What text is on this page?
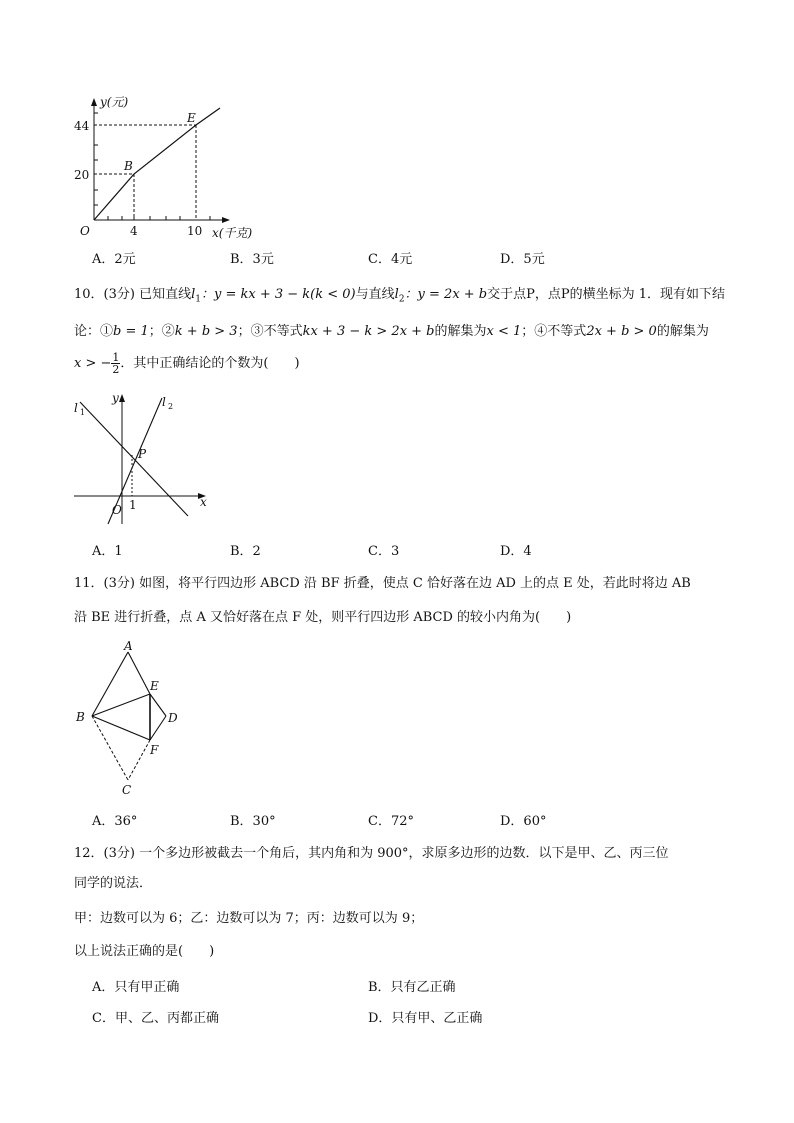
y(元)
x(千克)
O
44
20
4	10
B
E
A．2元	B．3元	C．4元	D．5元
10．(3分) 已知直线$l_1$：y = kx + 3 − k(k < 0)与直线$l_2$：y = 2x + b交于点P，点P的横坐标为 1．现有如下结
论：①b = 1；②k + b > 3；③不等式kx + 3 − k > 2x + b的解集为x < 1；④不等式2x + b > 0的解集为
x > − $\frac{1}{2}$ ．其中正确结论的个数为(　　)
l 1
l 2
y
x
P
O 1
A．1	B．2	C．3	D．4
11．(3分) 如图，将平行四边形 ABCD 沿 BF 折叠，使点 C 恰好落在边 AD 上的点 E 处，若此时将边 AB
沿 BE 进行折叠，点 A 又恰好落在点 F 处，则平行四边形 ABCD 的较小内角为(　　)
A
B
C
D
E
F
A．36°	B．30°	C．72°	D．60°
12．(3分) 一个多边形被截去一个角后，其内角和为 900°，求原多边形的边数．以下是甲、乙、丙三位
同学的说法．
甲：边数可以为 6；乙：边数可以为 7；丙：边数可以为 9；
以上说法正确的是(　　)
A．只有甲正确	B．只有乙正确
C．甲、乙、丙都正确	D．只有甲、乙正确
